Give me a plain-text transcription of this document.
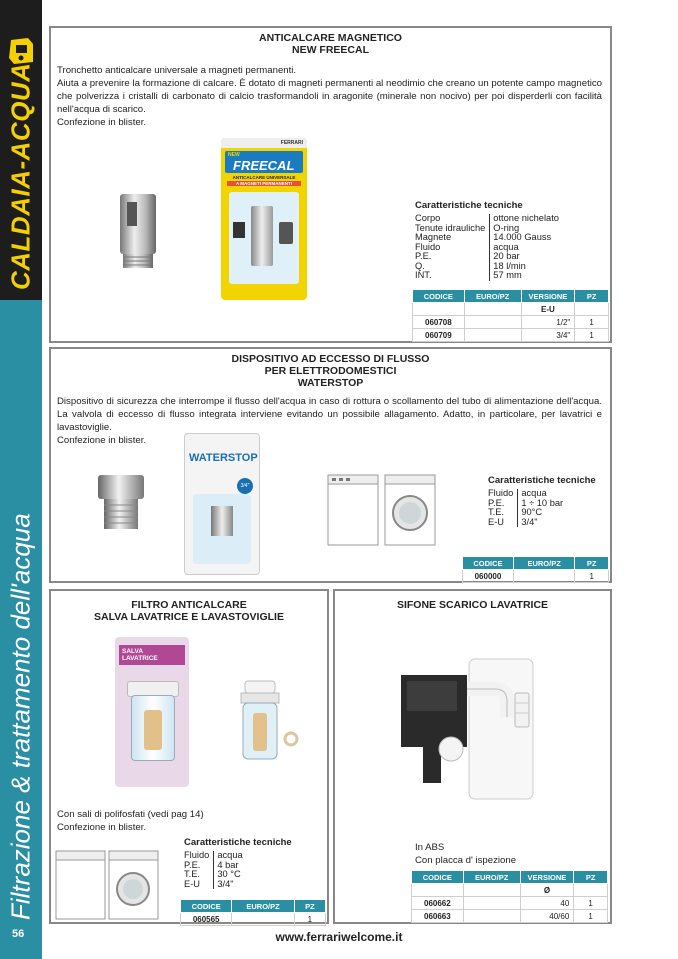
CALDAIA-ACQUA
Filtrazione & trattamento dell'acqua
56	www.ferrariwelcome.it
ANTICALCARE MAGNETICO
NEW FREECAL

Tronchetto anticalcare universale a magneti permanenti.

Aiuta a prevenire la formazione di calcare. È dotato di magneti permanenti al neodimio che creano un potente campo magnetico che polverizza i cristalli di carbonato di calcio trasformandoli in aragonite (minerale non nocivo) per poi disperderli con facilità nell'acqua di scarico.

Confezione in blister.

FERRARI
NEW
FREECAL
ANTICALCARE UNIVERSALE
A MAGNETI PERMANENTI
Caratteristiche tecniche
Corpo	ottone nichelato
Tenute idrauliche	O-ring
Magnete	14.000 Gauss
Fluido	acqua
P.E.	20 bar
Q.	18 l/min
INT.	57 mm
CODICE	EURO/PZ	VERSIONE	PZ
		E-U	
060708		1/2"	1
060709		3/4"	1
DISPOSITIVO AD ECCESSO DI FLUSSO
PER ELETTRODOMESTICI
WATERSTOP

Dispositivo di sicurezza che interrompe il flusso dell'acqua in caso di rottura o scollamento del tubo di alimentazione dell'acqua. La valvola di eccesso di flusso integrata interviene evitando un possibile allagamento. Adatto, in particolare, per lavatrici e lavastoviglie.

Confezione in blister.

WATERSTOP
3/4"	Caratteristiche tecniche
Fluido	acqua
P.E.	1 ÷ 10 bar
T.E.	90°C
E-U	3/4"
CODICE	EURO/PZ	PZ
060000		1
FILTRO ANTICALCARE
SALVA LAVATRICE E LAVASTOVIGLIE
SALVA
LAVATRICE

Con sali di polifosfati (vedi pag 14)

Confezione in blister.

Caratteristiche tecniche
Fluido	acqua
P.E.	4 bar
T.E.	30 °C
E-U	3/4"
CODICE	EURO/PZ	PZ
060565		1
SIFONE SCARICO LAVATRICE

In ABS

Con placca d' ispezione

CODICE	EURO/PZ	VERSIONE	PZ
		Ø	
060662		40	1
060663		40/60	1
